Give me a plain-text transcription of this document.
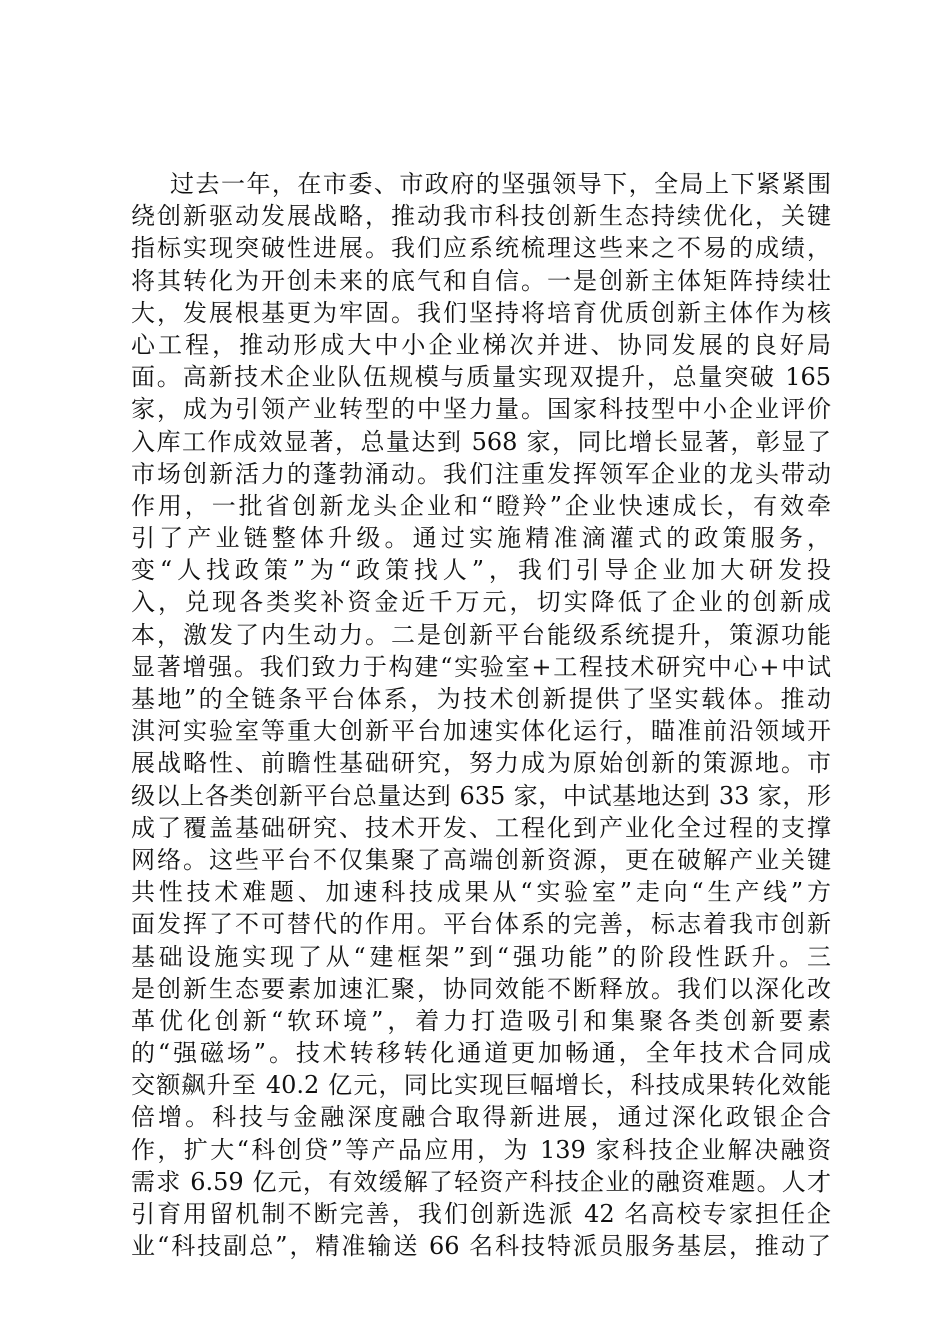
过去一年，在市委、市政府的坚强领导下，全局上下紧紧围
绕创新驱动发展战略，推动我市科技创新生态持续优化，关键
指标实现突破性进展。我们应系统梳理这些来之不易的成绩，
将其转化为开创未来的底气和自信。一是创新主体矩阵持续壮
大，发展根基更为牢固。我们坚持将培育优质创新主体作为核
心工程，推动形成大中小企业梯次并进、协同发展的良好局
面。高新技术企业队伍规模与质量实现双提升，总量突破 165
家，成为引领产业转型的中坚力量。国家科技型中小企业评价
入库工作成效显著，总量达到 568 家，同比增长显著，彰显了
市场创新活力的蓬勃涌动。我们注重发挥领军企业的龙头带动
作用，一批省创新龙头企业和“瞪羚”企业快速成长，有效牵
引了产业链整体升级。通过实施精准滴灌式的政策服务，
变“人找政策”为“政策找人”，我们引导企业加大研发投
入，兑现各类奖补资金近千万元，切实降低了企业的创新成
本，激发了内生动力。二是创新平台能级系统提升，策源功能
显著增强。我们致力于构建“实验室+工程技术研究中心+中试
基地”的全链条平台体系，为技术创新提供了坚实载体。推动
淇河实验室等重大创新平台加速实体化运行，瞄准前沿领域开
展战略性、前瞻性基础研究，努力成为原始创新的策源地。市
级以上各类创新平台总量达到 635 家，中试基地达到 33 家，形
成了覆盖基础研究、技术开发、工程化到产业化全过程的支撑
网络。这些平台不仅集聚了高端创新资源，更在破解产业关键
共性技术难题、加速科技成果从“实验室”走向“生产线”方
面发挥了不可替代的作用。平台体系的完善，标志着我市创新
基础设施实现了从“建框架”到“强功能”的阶段性跃升。三
是创新生态要素加速汇聚，协同效能不断释放。我们以深化改
革优化创新“软环境”，着力打造吸引和集聚各类创新要素
的“强磁场”。技术转移转化通道更加畅通，全年技术合同成
交额飙升至 40.2 亿元，同比实现巨幅增长，科技成果转化效能
倍增。科技与金融深度融合取得新进展，通过深化政银企合
作，扩大“科创贷”等产品应用，为 139 家科技企业解决融资
需求 6.59 亿元，有效缓解了轻资产科技企业的融资难题。人才
引育用留机制不断完善，我们创新选派 42 名高校专家担任企
业“科技副总”，精准输送 66 名科技特派员服务基层，推动了
